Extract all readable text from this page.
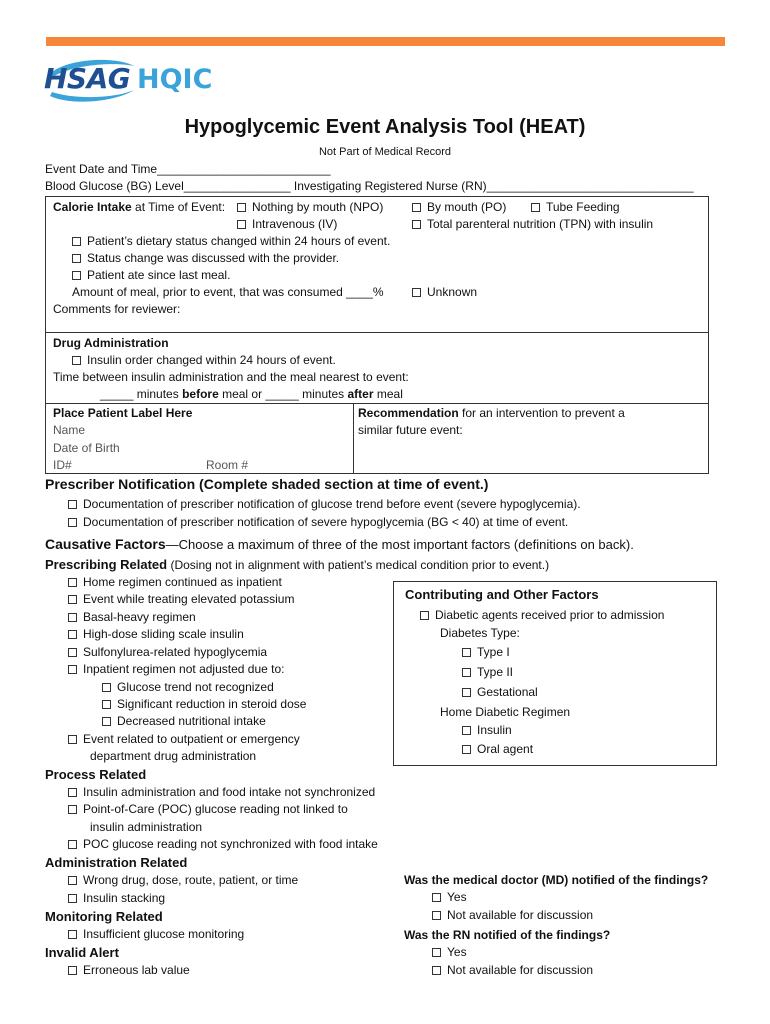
HSAG HQIC
Hypoglycemic Event Analysis Tool (HEAT)
Not Part of Medical Record
Event Date and Time__________________________
Blood Glucose (BG) Level________________ Investigating Registered Nurse (RN)_______________________________
Calorie Intake at Time of Event:	Nothing by mouth (NPO)	By mouth (PO)	Tube Feeding
Intravenous (IV)	Total parenteral nutrition (TPN) with insulin
Patient’s dietary status changed within 24 hours of event.
Status change was discussed with the provider.
Patient ate since last meal.
Amount of meal, prior to event, that was consumed ____%	Unknown
Comments for reviewer:
Drug Administration
Insulin order changed within 24 hours of event.
Time between insulin administration and the meal nearest to event:
_____ minutes before meal or _____ minutes after meal
Place Patient Label Here
Name
Date of Birth
ID#	Room #
Recommendation for an intervention to prevent a
similar future event:
Prescriber Notification (Complete shaded section at time of event.)
Documentation of prescriber notification of glucose trend before event (severe hypoglycemia).
Documentation of prescriber notification of severe hypoglycemia (BG < 40) at time of event.
Causative Factors—Choose a maximum of three of the most important factors (definitions on back).
Prescribing Related (Dosing not in alignment with patient’s medical condition prior to event.)
Home regimen continued as inpatient
Event while treating elevated potassium
Basal-heavy regimen
High-dose sliding scale insulin
Sulfonylurea-related hypoglycemia
Inpatient regimen not adjusted due to:
Glucose trend not recognized
Significant reduction in steroid dose
Decreased nutritional intake
Event related to outpatient or emergency
department drug administration
Process Related
Insulin administration and food intake not synchronized
Point-of-Care (POC) glucose reading not linked to
insulin administration
POC glucose reading not synchronized with food intake
Administration Related
Wrong drug, dose, route, patient, or time
Insulin stacking
Monitoring Related
Insufficient glucose monitoring
Invalid Alert
Erroneous lab value
Contributing and Other Factors
Diabetic agents received prior to admission
Diabetes Type:
Type I
Type II
Gestational
Home Diabetic Regimen
Insulin
Oral agent
Was the medical doctor (MD) notified of the findings?
Yes
Not available for discussion
Was the RN notified of the findings?
Yes
Not available for discussion
